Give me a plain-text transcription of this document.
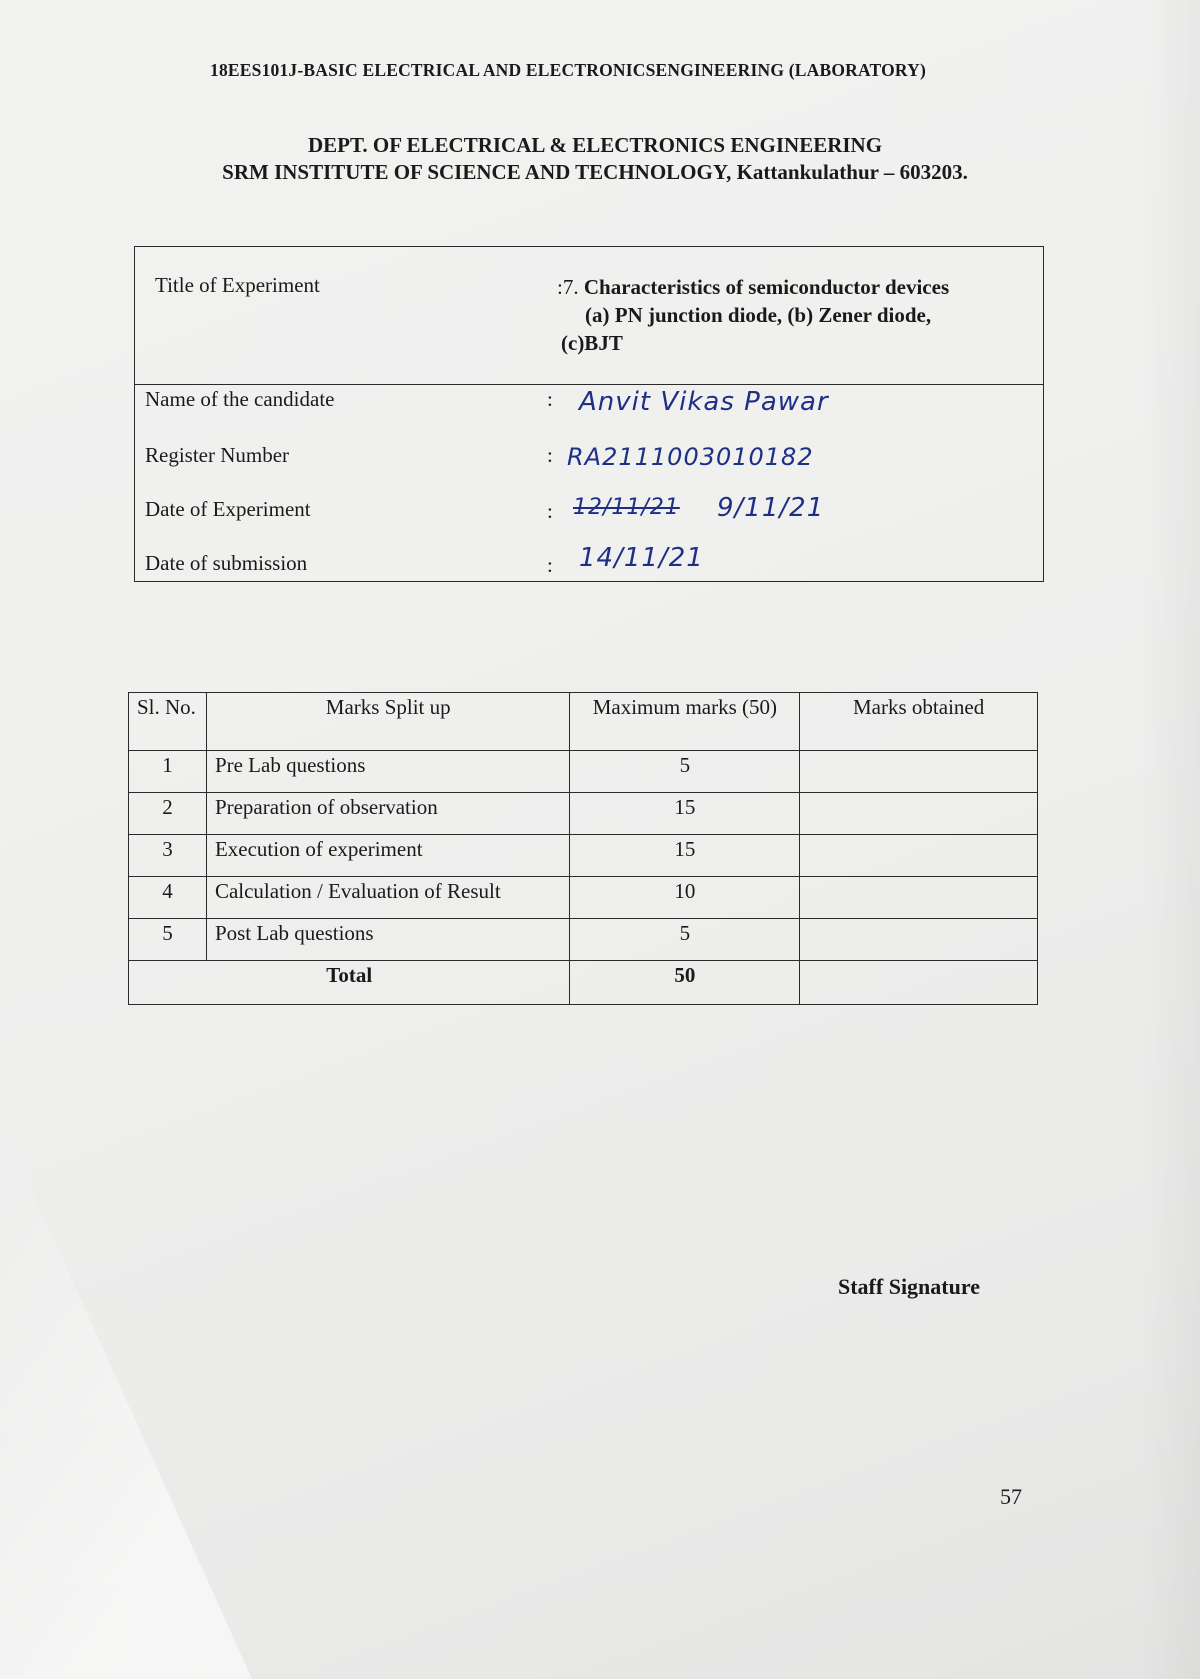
18EES101J-BASIC ELECTRICAL AND ELECTRONICSENGINEERING (LABORATORY)
DEPT. OF ELECTRICAL & ELECTRONICS ENGINEERING
SRM INSTITUTE OF SCIENCE AND TECHNOLOGY, Kattankulathur – 603203.
Title of Experiment	:7. Characteristics of semiconductor devices
(a) PN junction diode, (b) Zener diode,
(c)BJT
Name of the candidate	: Anvit Vikas Pawar
Register Number	: RA2111003010182
Date of Experiment	: 12/11/21 9/11/21
Date of submission	: 14/11/21
Sl. No.	Marks Split up	Maximum marks (50)	Marks obtained
1	Pre Lab questions	5	
2	Preparation of observation	15	
3	Execution of experiment	15	
4	Calculation / Evaluation of Result	10	
5	Post Lab questions	5	
Total		50	
Staff Signature
57
